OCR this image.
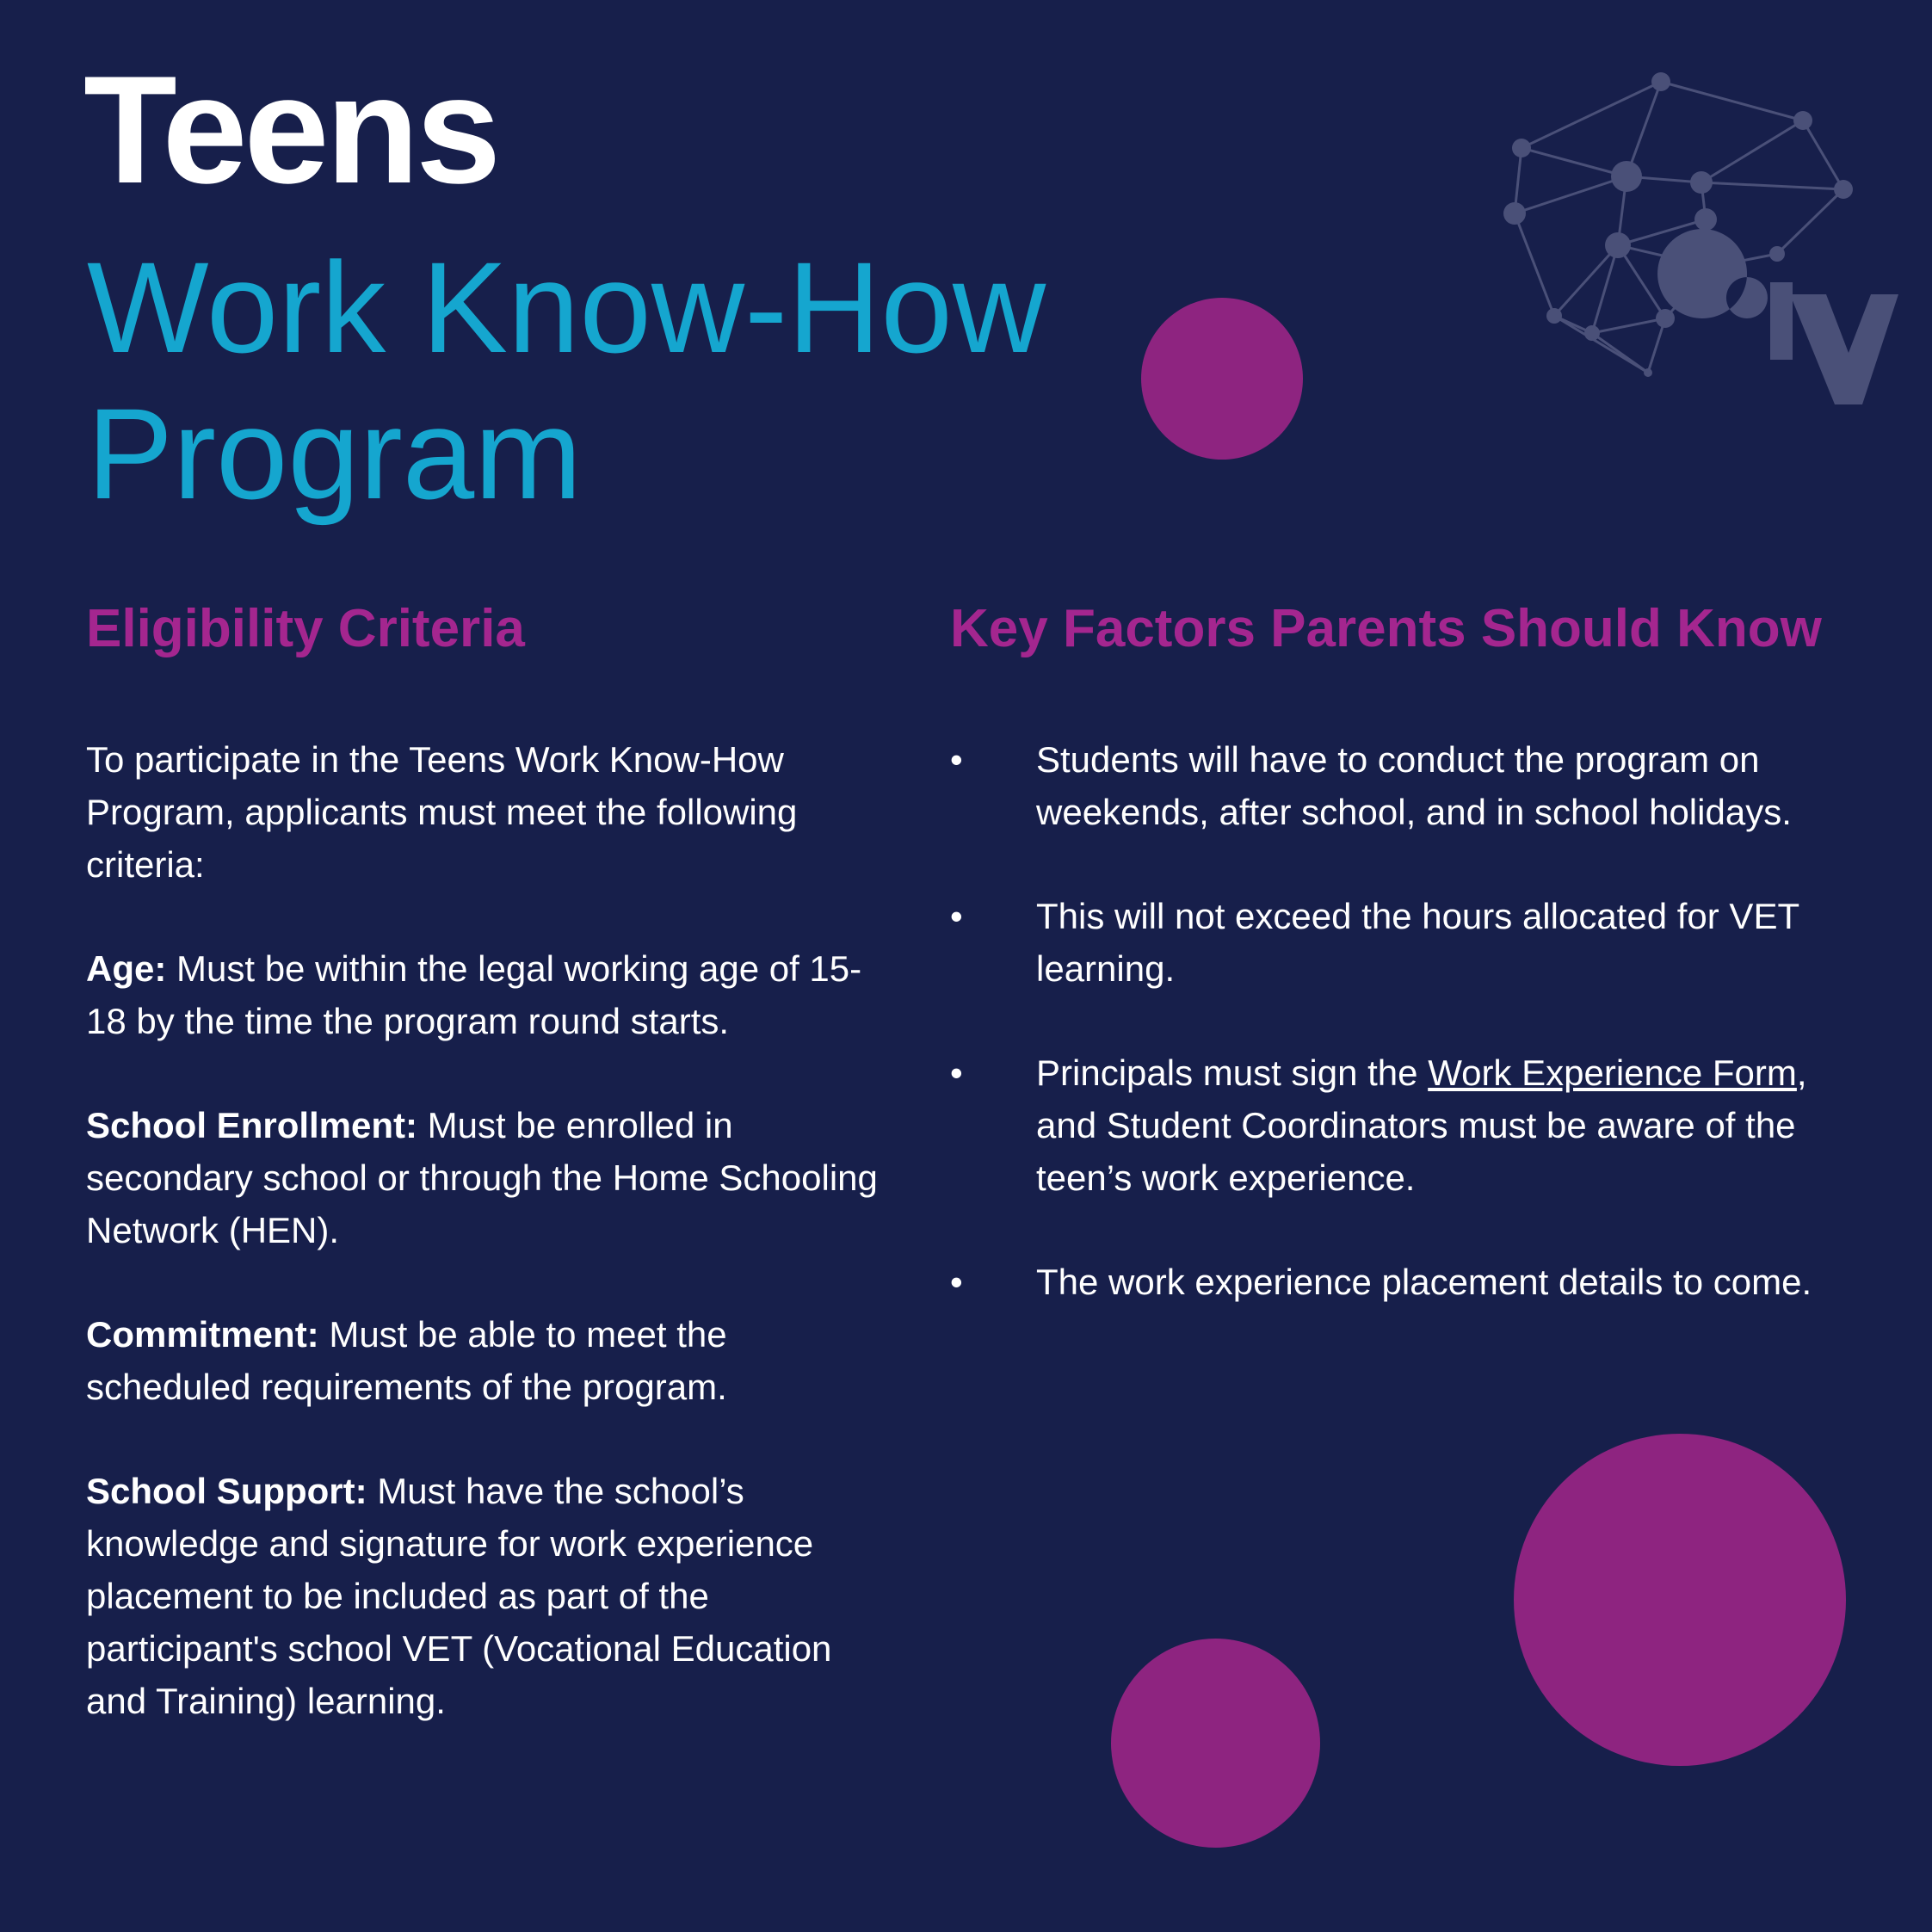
Teens
Work Know-How
Program
Eligibility Criteria	Key Factors Parents Should Know

To participate in the Teens Work Know-How Program, applicants must meet the following criteria:

Age: Must be within the legal working age of 15-18 by the time the program round starts.

School Enrollment: Must be enrolled in secondary school or through the Home Schooling Network (HEN).

Commitment: Must be able to meet the scheduled requirements of the program.

School Support: Must have the school’s knowledge and signature for work experience placement to be included as part of the participant's school VET (Vocational Education and Training) learning.

• Students will have to conduct the program on weekends, after school, and in school holidays.
• This will not exceed the hours allocated for VET learning.
• Principals must sign the Work Experience Form, and Student Coordinators must be aware of the teen’s work experience.
• The work experience placement details to come.
